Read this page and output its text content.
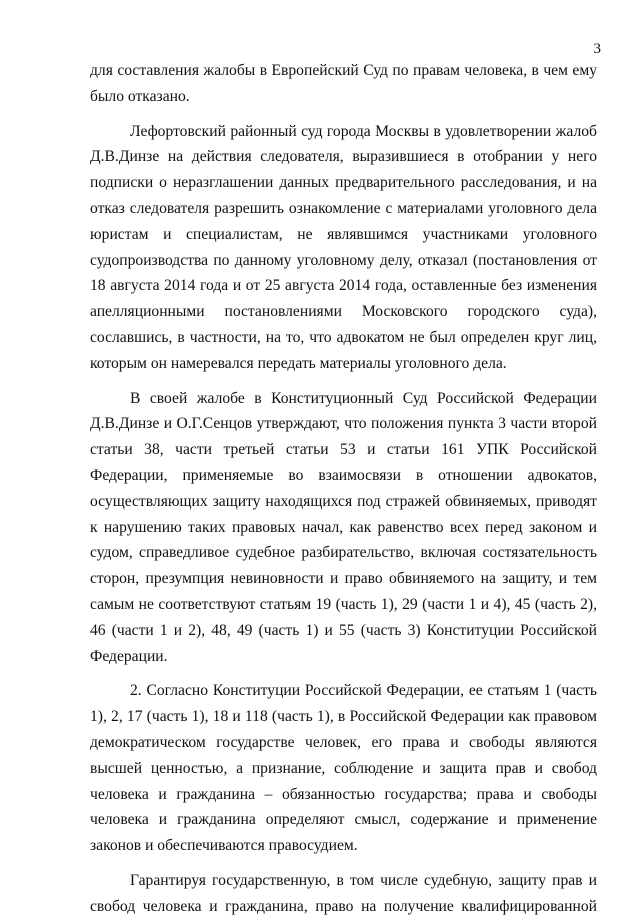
3

для составления жалобы в Европейский Суд по правам человека, в чем ему было отказано.

Лефортовский районный суд города Москвы в удовлетворении жалоб Д.В.Динзе на действия следователя, выразившиеся в отобрании у него подписки о неразглашении данных предварительного расследования, и на отказ следователя разрешить ознакомление с материалами уголовного дела юристам и специалистам, не являвшимся участниками уголовного судопроизводства по данному уголовному делу, отказал (постановления от 18 августа 2014 года и от 25 августа 2014 года, оставленные без изменения апелляционными постановлениями Московского городского суда), сославшись, в частности, на то, что адвокатом не был определен круг лиц, которым он намеревался передать материалы уголовного дела.

В своей жалобе в Конституционный Суд Российской Федерации Д.В.Динзе и О.Г.Сенцов утверждают, что положения пункта 3 части второй статьи 38, части третьей статьи 53 и статьи 161 УПК Российской Федерации, применяемые во взаимосвязи в отношении адвокатов, осуществляющих защиту находящихся под стражей обвиняемых, приводят к нарушению таких правовых начал, как равенство всех перед законом и судом, справедливое судебное разбирательство, включая состязательность сторон, презумпция невиновности и право обвиняемого на защиту, и тем самым не соответствуют статьям 19 (часть 1), 29 (части 1 и 4), 45 (часть 2), 46 (части 1 и 2), 48, 49 (часть 1) и 55 (часть 3) Конституции Российской Федерации.

2. Согласно Конституции Российской Федерации, ее статьям 1 (часть 1), 2, 17 (часть 1), 18 и 118 (часть 1), в Российской Федерации как правовом демократическом государстве человек, его права и свободы являются высшей ценностью, а признание, соблюдение и защита прав и свобод человека и гражданина – обязанностью государства; права и свободы человека и гражданина определяют смысл, содержание и применение законов и обеспечиваются правосудием.

Гарантируя государственную, в том числе судебную, защиту прав и свобод человека и гражданина, право на получение квалифицированной
